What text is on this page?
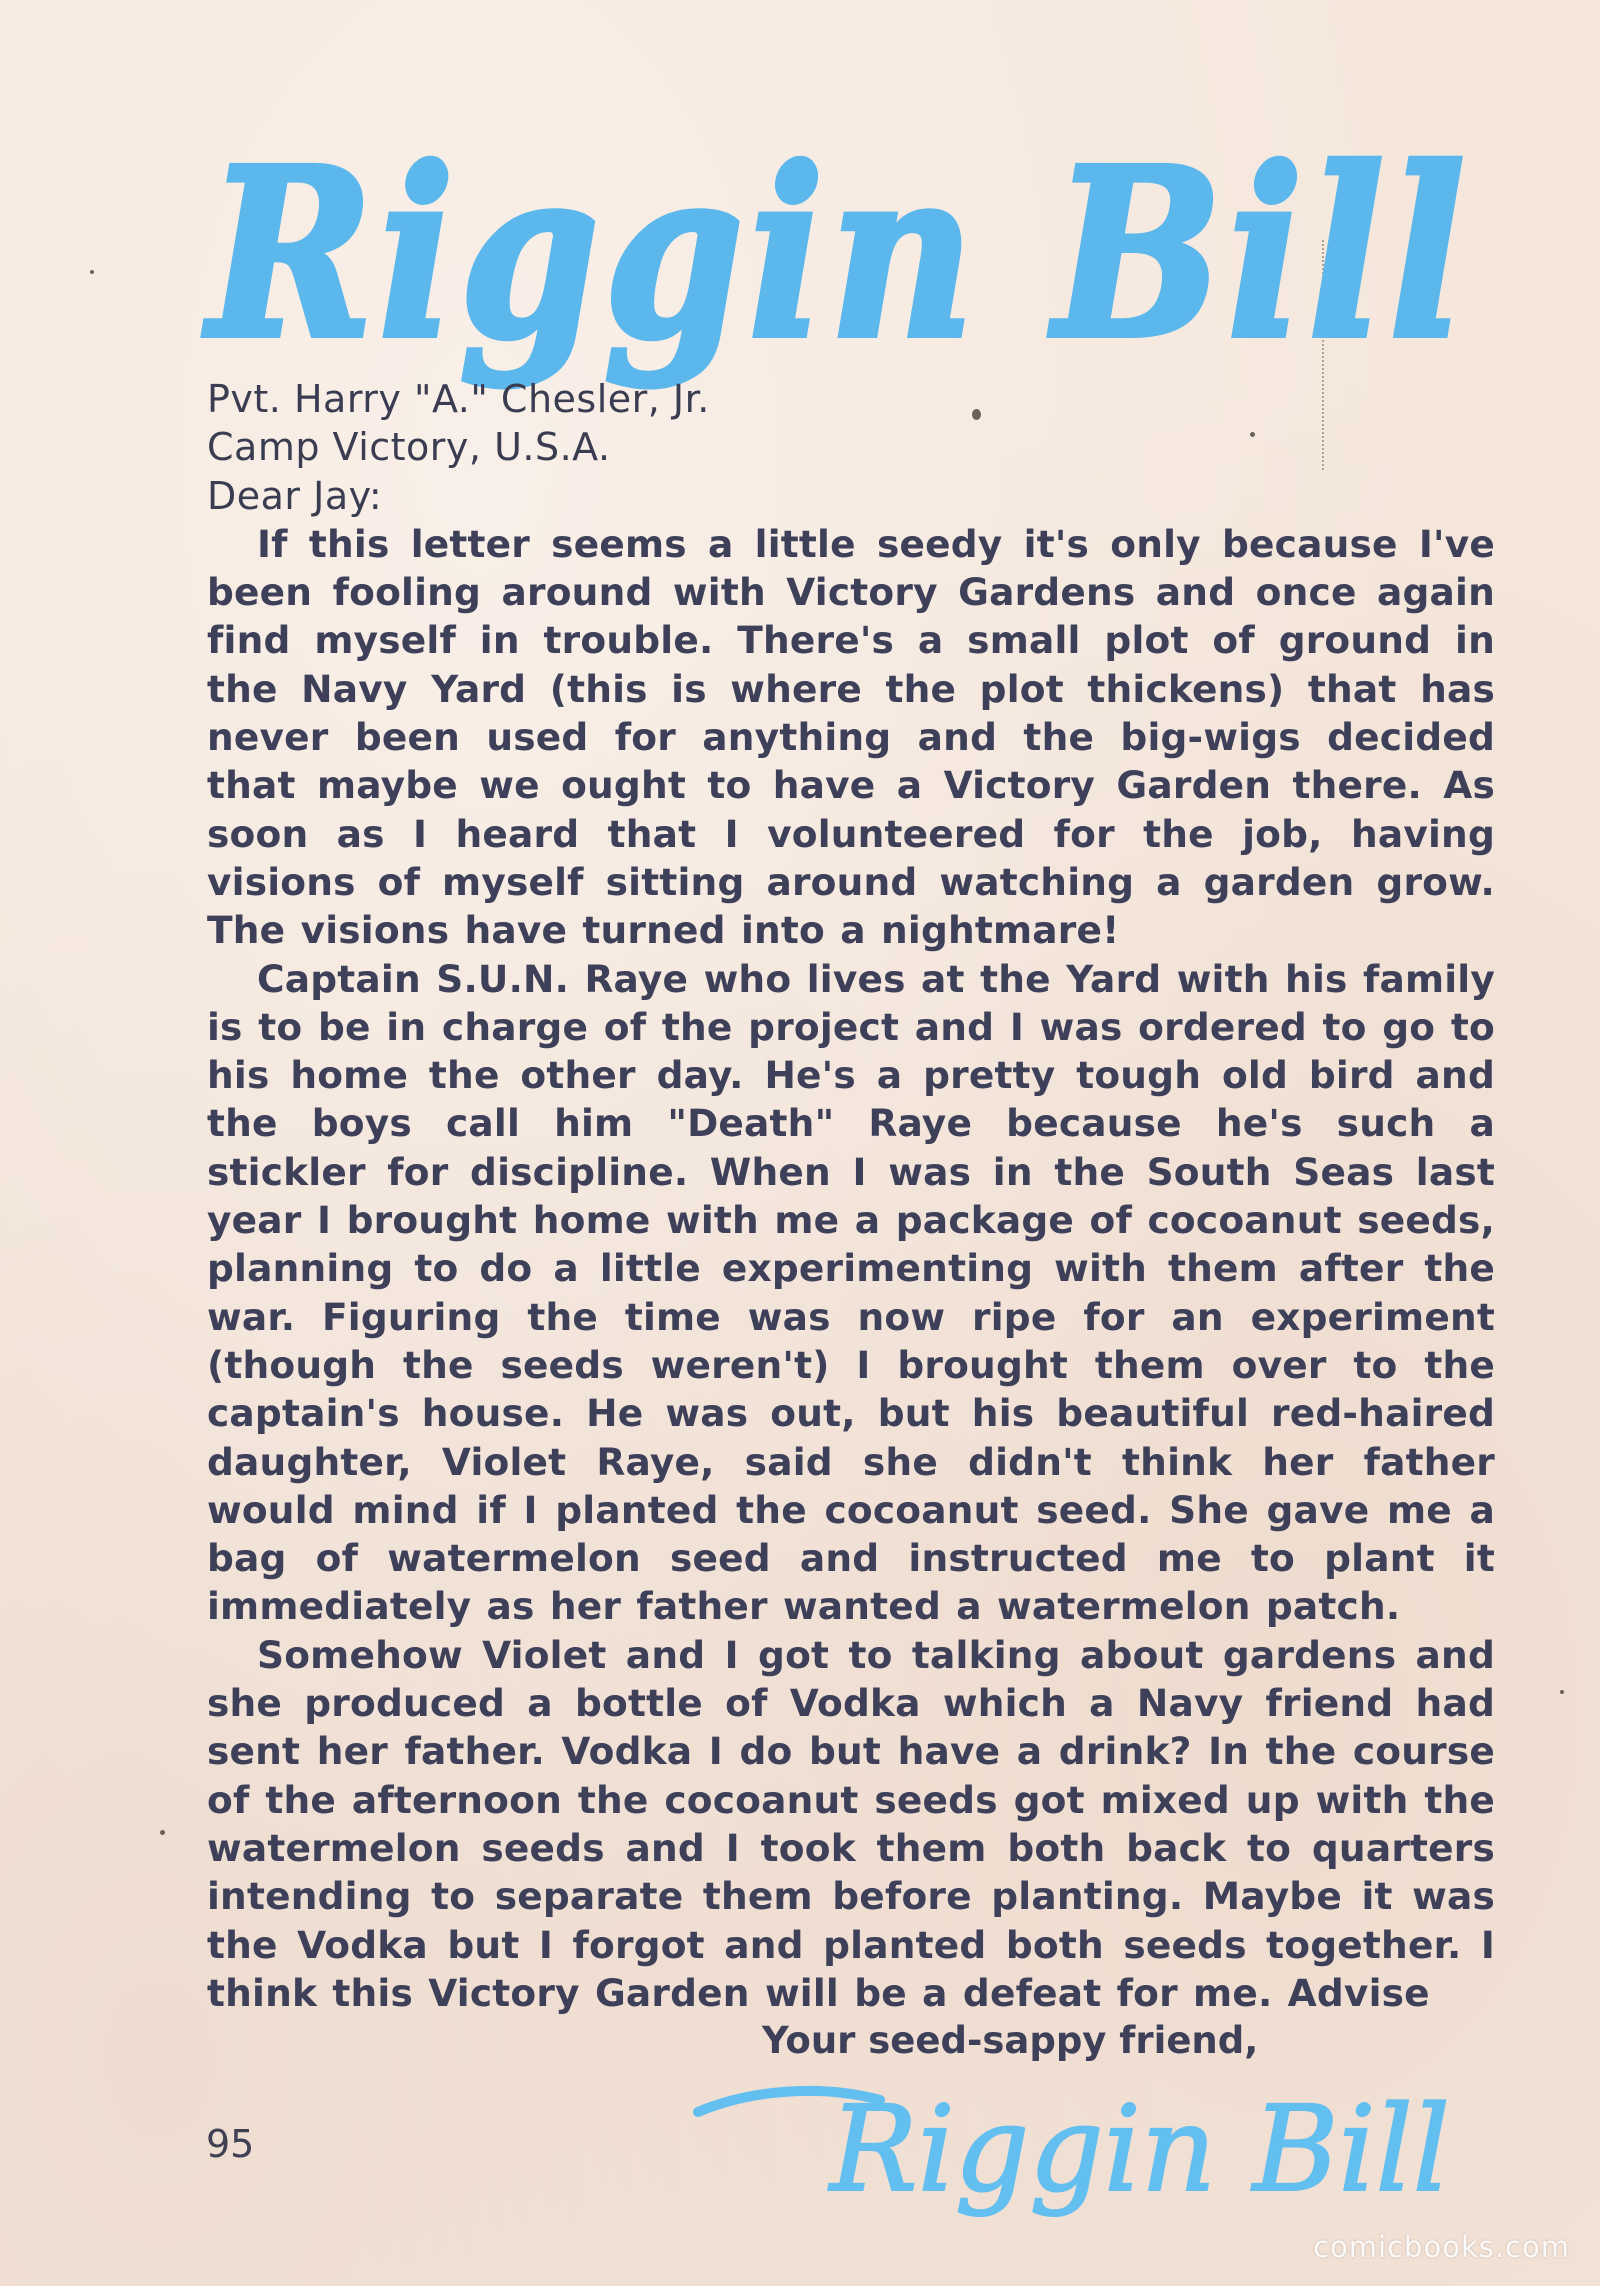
Riggin Bill

Pvt. Harry "A." Chesler, Jr.

Camp Victory, U.S.A.

Dear Jay:

If this letter seems a little seedy it's only because I've been fooling around with Victory Gardens and once again find myself in trouble. There's a small plot of ground in the Navy Yard (this is where the plot thickens) that has never been used for anything and the big-wigs decided that maybe we ought to have a Victory Garden there. As soon as I heard that I volunteered for the job, having visions of myself sitting around watching a garden grow. The visions have turned into a nightmare!

Captain S.U.N. Raye who lives at the Yard with his family is to be in charge of the project and I was ordered to go to his home the other day. He's a pretty tough old bird and the boys call him "Death" Raye because he's such a stickler for discipline. When I was in the South Seas last year I brought home with me a package of cocoanut seeds, planning to do a little experimenting with them after the war. Figuring the time was now ripe for an experiment (though the seeds weren't) I brought them over to the captain's house. He was out, but his beautiful red-haired daughter, Violet Raye, said she didn't think her father would mind if I planted the cocoanut seed. She gave me a bag of watermelon seed and instructed me to plant it immediately as her father wanted a watermelon patch.

Somehow Violet and I got to talking about gardens and she produced a bottle of Vodka which a Navy friend had sent her father. Vodka I do but have a drink? In the course of the afternoon the cocoanut seeds got mixed up with the watermelon seeds and I took them both back to quarters intending to separate them before planting. Maybe it was the Vodka but I forgot and planted both seeds together. I think this Victory Garden will be a defeat for me. Advise

Your seed-sappy friend,

Riggin Bill
95
comicbooks.com
